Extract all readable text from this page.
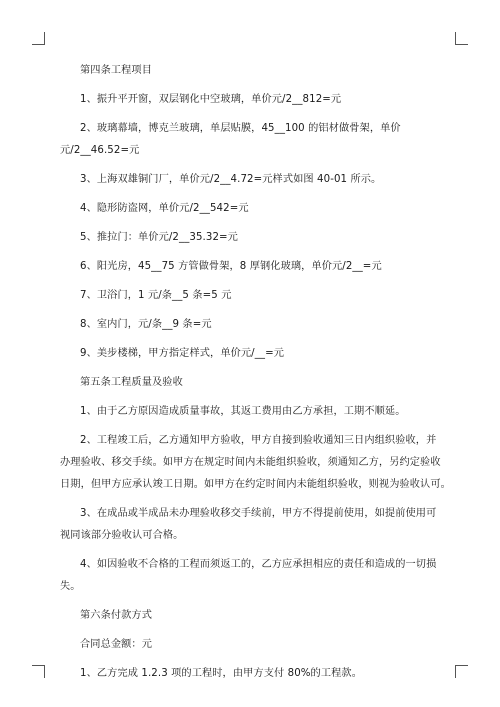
第四条工程项目
1、振升平开窗，双层钢化中空玻璃，单价元/2__812=元
2、玻璃幕墙，博克兰玻璃，单层贴膜，45__100 的铝材做骨架，单价
元/2__46.52=元
3、上海双雄铜门厂，单价元/2__4.72=元样式如图 40-01 所示。
4、隐形防盗网，单价元/2__542=元
5、推拉门：单价元/2__35.32=元
6、阳光房，45__75 方管做骨架，8 厚钢化玻璃，单价元/2__=元
7、卫浴门，1 元/条__5 条=5 元
8、室内门，元/条__9 条=元
9、美步楼梯，甲方指定样式，单价元/__=元
第五条工程质量及验收
1、由于乙方原因造成质量事故，其返工费用由乙方承担，工期不顺延。
2、工程竣工后，乙方通知甲方验收，甲方自接到验收通知三日内组织验收，并
办理验收、移交手续。如甲方在规定时间内未能组织验收，须通知乙方，另约定验收
日期，但甲方应承认竣工日期。如甲方在约定时间内未能组织验收，则视为验收认可。
3、在成品或半成品未办理验收移交手续前，甲方不得提前使用，如提前使用可
视同该部分验收认可合格。
4、如因验收不合格的工程而须返工的，乙方应承担相应的责任和造成的一切损
失。
第六条付款方式
合同总金额：元
1、乙方完成 1.2.3 项的工程时，由甲方支付 80%的工程款。
